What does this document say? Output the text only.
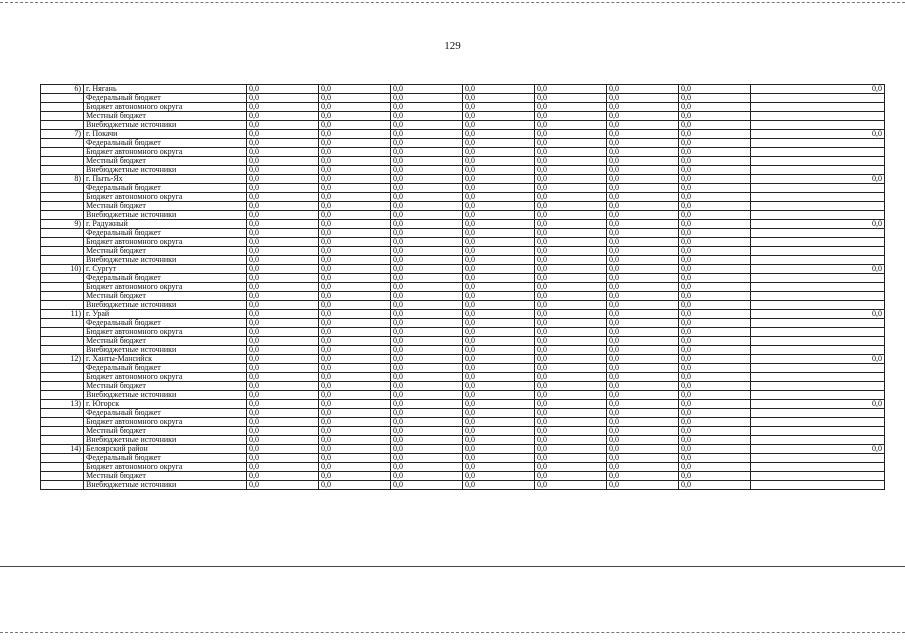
129
6)	г. Нягань	0,0	0,0	0,0	0,0	0,0	0,0	0,0	0,0
	Федеральный бюджет	0,0	0,0	0,0	0,0	0,0	0,0	0,0	
	Бюджет автономного округа	0,0	0,0	0,0	0,0	0,0	0,0	0,0	
	Местный бюджет	0,0	0,0	0,0	0,0	0,0	0,0	0,0	
	Внебюджетные источники	0,0	0,0	0,0	0,0	0,0	0,0	0,0	
7)	г. Покачи	0,0	0,0	0,0	0,0	0,0	0,0	0,0	0,0
	Федеральный бюджет	0,0	0,0	0,0	0,0	0,0	0,0	0,0	
	Бюджет автономного округа	0,0	0,0	0,0	0,0	0,0	0,0	0,0	
	Местный бюджет	0,0	0,0	0,0	0,0	0,0	0,0	0,0	
	Внебюджетные источники	0,0	0,0	0,0	0,0	0,0	0,0	0,0	
8)	г. Пыть-Ях	0,0	0,0	0,0	0,0	0,0	0,0	0,0	0,0
	Федеральный бюджет	0,0	0,0	0,0	0,0	0,0	0,0	0,0	
	Бюджет автономного округа	0,0	0,0	0,0	0,0	0,0	0,0	0,0	
	Местный бюджет	0,0	0,0	0,0	0,0	0,0	0,0	0,0	
	Внебюджетные источники	0,0	0,0	0,0	0,0	0,0	0,0	0,0	
9)	г. Радужный	0,0	0,0	0,0	0,0	0,0	0,0	0,0	0,0
	Федеральный бюджет	0,0	0,0	0,0	0,0	0,0	0,0	0,0	
	Бюджет автономного округа	0,0	0,0	0,0	0,0	0,0	0,0	0,0	
	Местный бюджет	0,0	0,0	0,0	0,0	0,0	0,0	0,0	
	Внебюджетные источники	0,0	0,0	0,0	0,0	0,0	0,0	0,0	
10)	г. Сургут	0,0	0,0	0,0	0,0	0,0	0,0	0,0	0,0
	Федеральный бюджет	0,0	0,0	0,0	0,0	0,0	0,0	0,0	
	Бюджет автономного округа	0,0	0,0	0,0	0,0	0,0	0,0	0,0	
	Местный бюджет	0,0	0,0	0,0	0,0	0,0	0,0	0,0	
	Внебюджетные источники	0,0	0,0	0,0	0,0	0,0	0,0	0,0	
11)	г. Урай	0,0	0,0	0,0	0,0	0,0	0,0	0,0	0,0
	Федеральный бюджет	0,0	0,0	0,0	0,0	0,0	0,0	0,0	
	Бюджет автономного округа	0,0	0,0	0,0	0,0	0,0	0,0	0,0	
	Местный бюджет	0,0	0,0	0,0	0,0	0,0	0,0	0,0	
	Внебюджетные источники	0,0	0,0	0,0	0,0	0,0	0,0	0,0	
12)	г. Ханты-Мансийск	0,0	0,0	0,0	0,0	0,0	0,0	0,0	0,0
	Федеральный бюджет	0,0	0,0	0,0	0,0	0,0	0,0	0,0	
	Бюджет автономного округа	0,0	0,0	0,0	0,0	0,0	0,0	0,0	
	Местный бюджет	0,0	0,0	0,0	0,0	0,0	0,0	0,0	
	Внебюджетные источники	0,0	0,0	0,0	0,0	0,0	0,0	0,0	
13)	г. Югорск	0,0	0,0	0,0	0,0	0,0	0,0	0,0	0,0
	Федеральный бюджет	0,0	0,0	0,0	0,0	0,0	0,0	0,0	
	Бюджет автономного округа	0,0	0,0	0,0	0,0	0,0	0,0	0,0	
	Местный бюджет	0,0	0,0	0,0	0,0	0,0	0,0	0,0	
	Внебюджетные источники	0,0	0,0	0,0	0,0	0,0	0,0	0,0	
14)	Белоярский район	0,0	0,0	0,0	0,0	0,0	0,0	0,0	0,0
	Федеральный бюджет	0,0	0,0	0,0	0,0	0,0	0,0	0,0	
	Бюджет автономного округа	0,0	0,0	0,0	0,0	0,0	0,0	0,0	
	Местный бюджет	0,0	0,0	0,0	0,0	0,0	0,0	0,0	
	Внебюджетные источники	0,0	0,0	0,0	0,0	0,0	0,0	0,0	
